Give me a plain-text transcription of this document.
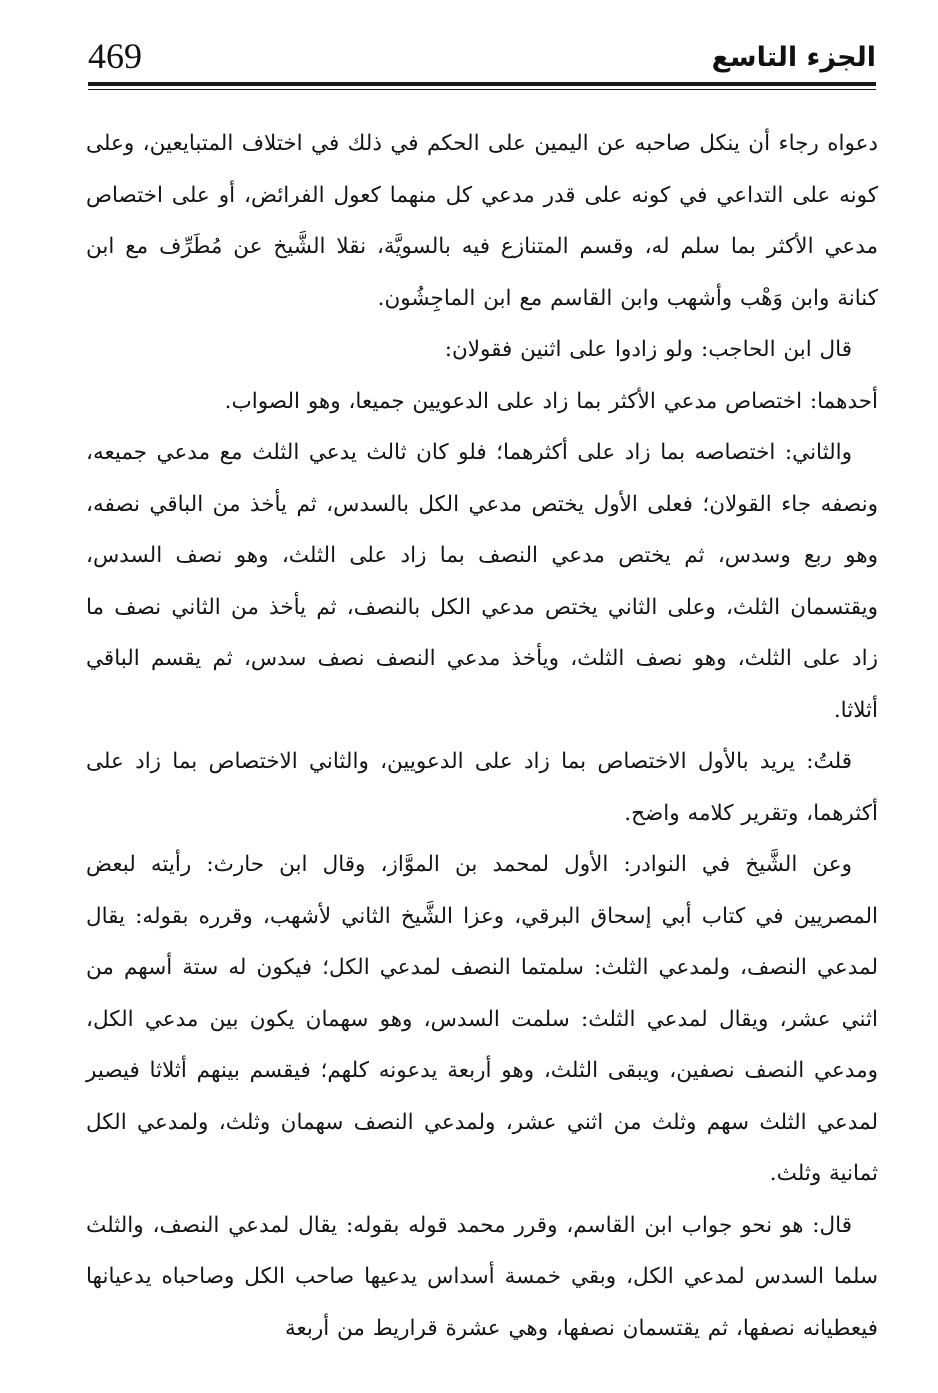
469	الجزء التاسع

دعواه رجاء أن ينكل صاحبه عن اليمين على الحكم في ذلك في اختلاف المتبايعين، وعلى كونه على التداعي في كونه على قدر مدعي كل منهما كعول الفرائض، أو على اختصاص مدعي الأكثر بما سلم له، وقسم المتنازع فيه بالسويَّة، نقلا الشَّيخ عن مُطَرِّف مع ابن كنانة وابن وَهْب وأشهب وابن القاسم مع ابن الماجِشُون.

قال ابن الحاجب: ولو زادوا على اثنين فقولان:

أحدهما: اختصاص مدعي الأكثر بما زاد على الدعويين جميعا، وهو الصواب.

والثاني: اختصاصه بما زاد على أكثرهما؛ فلو كان ثالث يدعي الثلث مع مدعي جميعه، ونصفه جاء القولان؛ فعلى الأول يختص مدعي الكل بالسدس، ثم يأخذ من الباقي نصفه، وهو ربع وسدس، ثم يختص مدعي النصف بما زاد على الثلث، وهو نصف السدس، ويقتسمان الثلث، وعلى الثاني يختص مدعي الكل بالنصف، ثم يأخذ من الثاني نصف ما زاد على الثلث، وهو نصف الثلث، ويأخذ مدعي النصف نصف سدس، ثم يقسم الباقي أثلاثا.

قلتُ: يريد بالأول الاختصاص بما زاد على الدعويين، والثاني الاختصاص بما زاد على أكثرهما، وتقرير كلامه واضح.

وعن الشَّيخ في النوادر: الأول لمحمد بن الموَّاز، وقال ابن حارث: رأيته لبعض المصريين في كتاب أبي إسحاق البرقي، وعزا الشَّيخ الثاني لأشهب، وقرره بقوله: يقال لمدعي النصف، ولمدعي الثلث: سلمتما النصف لمدعي الكل؛ فيكون له ستة أسهم من اثني عشر، ويقال لمدعي الثلث: سلمت السدس، وهو سهمان يكون بين مدعي الكل، ومدعي النصف نصفين، ويبقى الثلث، وهو أربعة يدعونه كلهم؛ فيقسم بينهم أثلاثا فيصير لمدعي الثلث سهم وثلث من اثني عشر، ولمدعي النصف سهمان وثلث، ولمدعي الكل ثمانية وثلث.

قال: هو نحو جواب ابن القاسم، وقرر محمد قوله بقوله: يقال لمدعي النصف، والثلث سلما السدس لمدعي الكل، وبقي خمسة أسداس يدعيها صاحب الكل وصاحباه يدعيانها فيعطيانه نصفها، ثم يقتسمان نصفها، وهي عشرة قراريط من أربعة
